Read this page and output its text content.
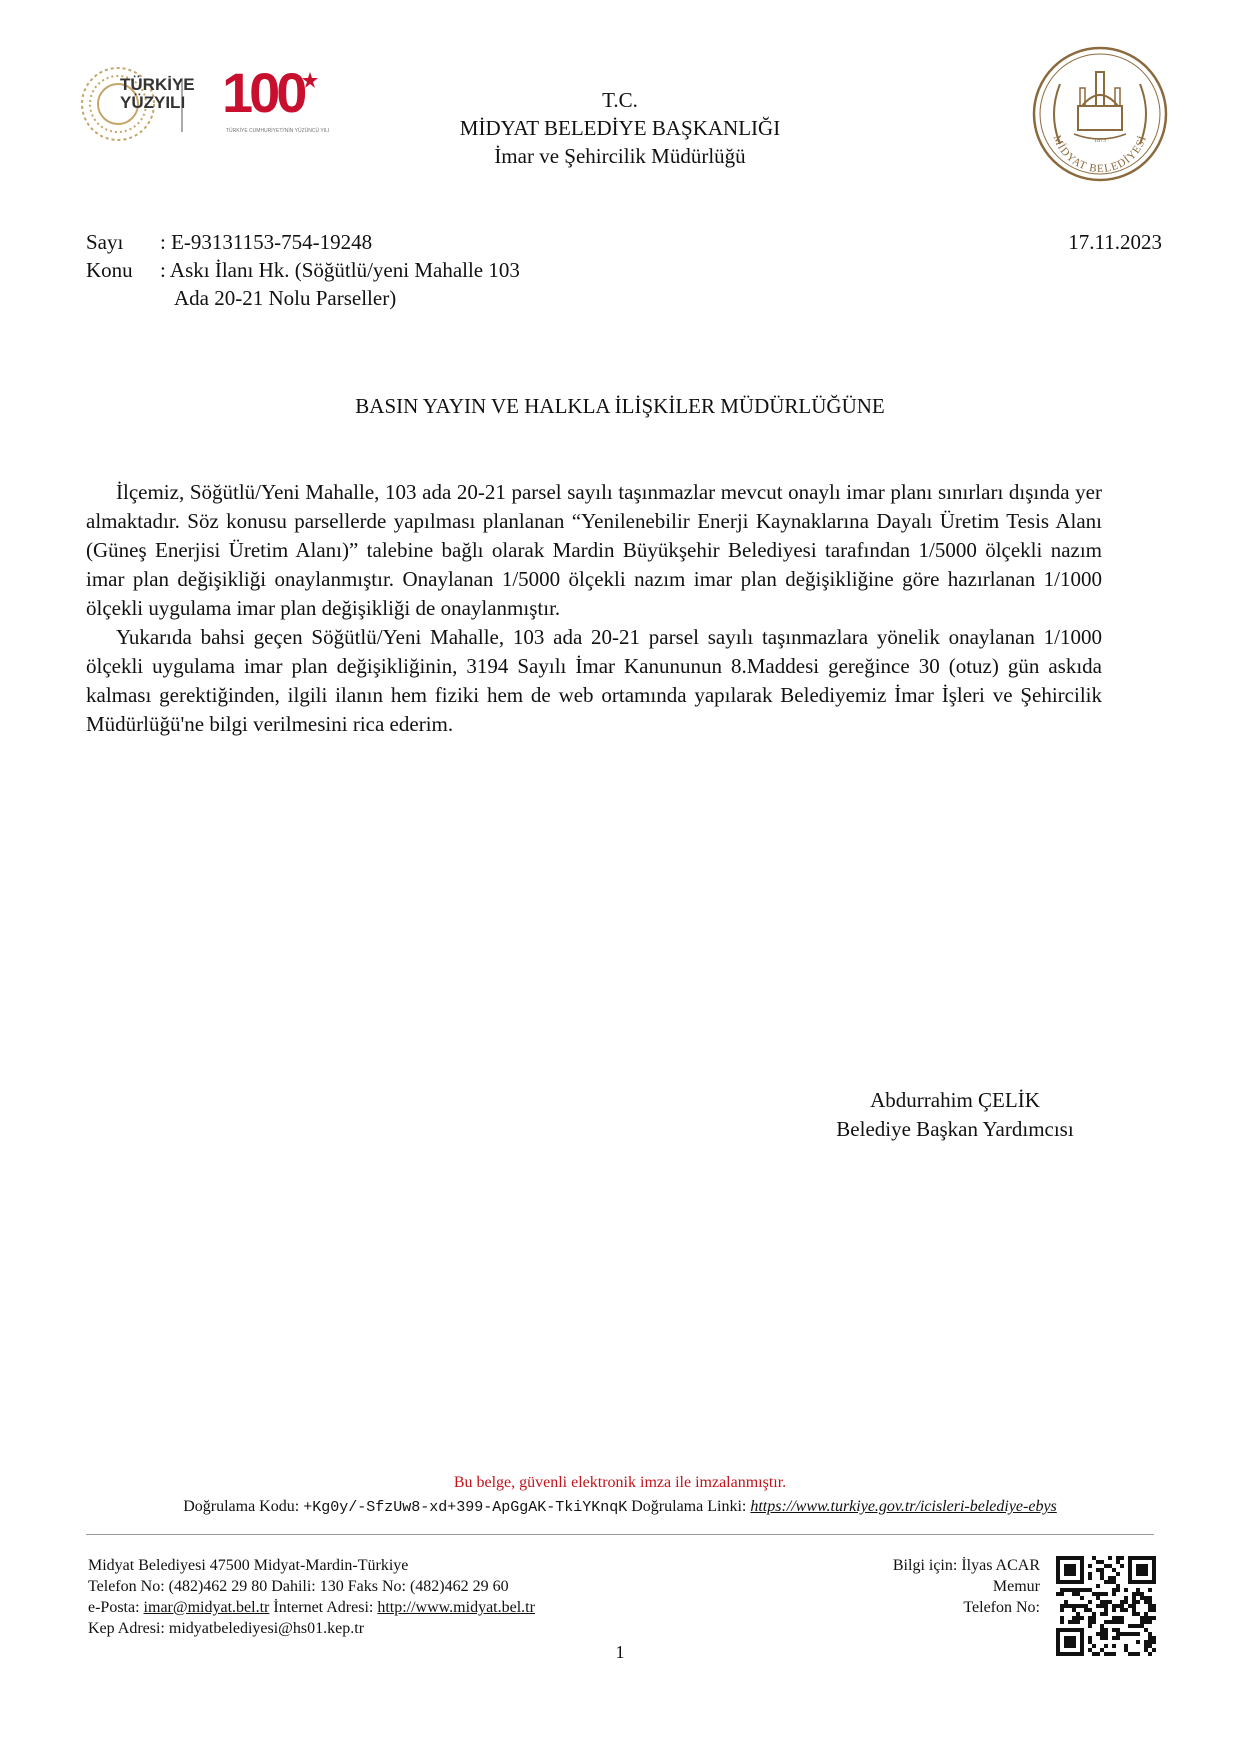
TÜRKİYE
YÜZYILI 100
TÜRKİYE CUMHURİYETİ'NİN YÜZÜNCÜ YILI
T.C.
MİDYAT BELEDİYE BAŞKANLIĞI
İmar ve Şehircilik Müdürlüğü
MİDYAT BELEDİYESİ
1873
Sayı : E-93131153-754-19248	17.11.2023
Konu : Askı İlanı Hk. (Söğütlü/yeni Mahalle 103
Ada 20-21 Nolu Parseller)
BASIN YAYIN VE HALKLA İLİŞKİLER MÜDÜRLÜĞÜNE

İlçemiz, Söğütlü/Yeni Mahalle, 103 ada 20-21 parsel sayılı taşınmazlar mevcut onaylı imar planı sınırları dışında yer almaktadır. Söz konusu parsellerde yapılması planlanan “Yenilenebilir Enerji Kaynaklarına Dayalı Üretim Tesis Alanı (Güneş Enerjisi Üretim Alanı)” talebine bağlı olarak Mardin Büyükşehir Belediyesi tarafından 1/5000 ölçekli nazım imar plan değişikliği onaylanmıştır. Onaylanan 1/5000 ölçekli nazım imar plan değişikliğine göre hazırlanan 1/1000 ölçekli uygulama imar plan değişikliği de onaylanmıştır.

Yukarıda bahsi geçen Söğütlü/Yeni Mahalle, 103 ada 20-21 parsel sayılı taşınmazlara yönelik onaylanan 1/1000 ölçekli uygulama imar plan değişikliğinin, 3194 Sayılı İmar Kanununun 8.Maddesi gereğince 30 (otuz) gün askıda kalması gerektiğinden, ilgili ilanın hem fiziki hem de web ortamında yapılarak Belediyemiz İmar İşleri ve Şehircilik Müdürlüğü'ne bilgi verilmesini rica ederim.

Abdurrahim ÇELİK
Belediye Başkan Yardımcısı
Bu belge, güvenli elektronik imza ile imzalanmıştır.
Doğrulama Kodu: +Kg0y/-SfzUw8-xd+399-ApGgAK-TkiYKnqK Doğrulama Linki: https://www.turkiye.gov.tr/icisleri-belediye-ebys
Midyat Belediyesi 47500 Midyat-Mardin-Türkiye
Telefon No: (482)462 29 80 Dahili: 130 Faks No: (482)462 29 60
e-Posta: imar@midyat.bel.tr İnternet Adresi: http://www.midyat.bel.tr
Kep Adresi: midyatbelediyesi@hs01.kep.tr
Bilgi için: İlyas ACAR
Memur
Telefon No:
1
